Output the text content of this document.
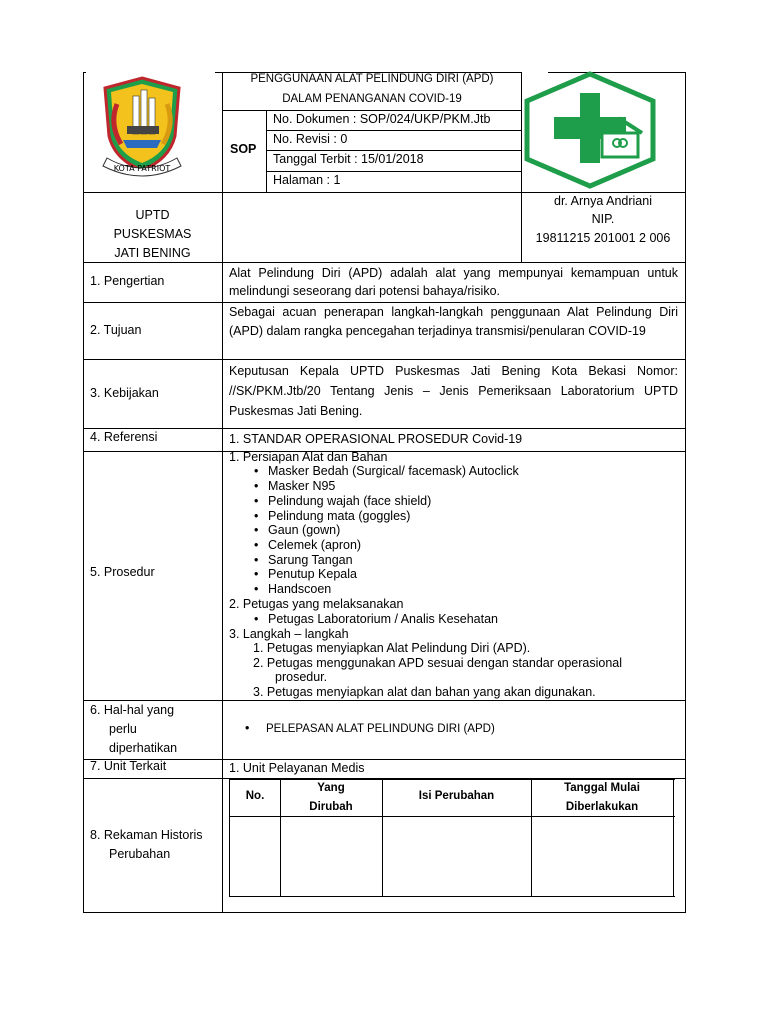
KOTA PATRIOT
PENGGUNAAN ALAT PELINDUNG DIRI (APD)
DALAM PENANGANAN COVID-19
SOP
No. Dokumen : SOP/024/UKP/PKM.Jtb
No. Revisi : 0
Tanggal Terbit : 15/01/2018
Halaman : 1
UPTD
PUSKESMAS
JATI BENING
dr. Arnya Andriani
NIP.
19811215 201001 2 006
1. Pengertian
Alat Pelindung Diri (APD) adalah alat yang mempunyai kemampuan untuk melindungi seseorang dari potensi bahaya/risiko.
2. Tujuan
Sebagai acuan penerapan langkah-langkah penggunaan Alat Pelindung Diri (APD) dalam rangka pencegahan terjadinya transmisi/penularan COVID-19
3. Kebijakan
Keputusan Kepala UPTD Puskesmas Jati Bening Kota Bekasi Nomor: //SK/PKM.Jtb/20 Tentang Jenis – Jenis Pemeriksaan Laboratorium UPTD Puskesmas Jati Bening.
4. Referensi	1. STANDAR OPERASIONAL PROSEDUR Covid-19
5. Prosedur
1. Persiapan Alat dan Bahan
• Masker Bedah (Surgical/ facemask) Autoclick
• Masker N95
• Pelindung wajah (face shield)
• Pelindung mata (goggles)
• Gaun (gown)
• Celemek (apron)
• Sarung Tangan
• Penutup Kepala
• Handscoen
2. Petugas yang melaksanakan
• Petugas Laboratorium / Analis Kesehatan
3. Langkah – langkah
1. Petugas menyiapkan Alat Pelindung Diri (APD).
2. Petugas menggunakan APD sesuai dengan standar operasional
prosedur.
3. Petugas menyiapkan alat dan bahan yang akan digunakan.
6. Hal-hal yang
perlu
diperhatikan
• PELEPASAN ALAT PELINDUNG DIRI (APD)
7. Unit Terkait	1. Unit Pelayanan Medis
8. Rekaman Historis
Perubahan
No.
Yang
Dirubah
Isi Perubahan
Tanggal Mulai
Diberlakukan
